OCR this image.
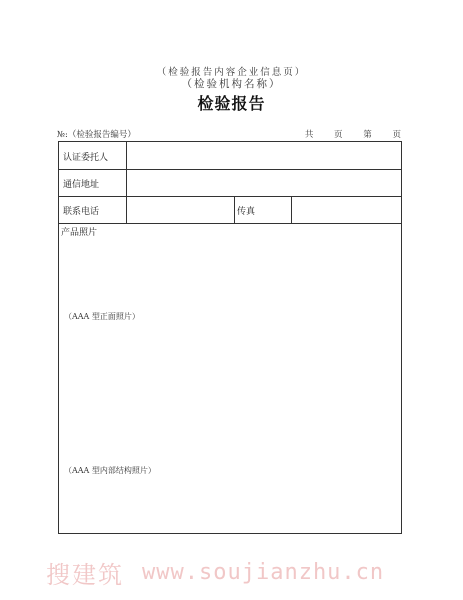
（检验报告内容企业信息页）
（检验机构名称）
检验报告
№:（检验报告编号）	共 页 第 页
认证委托人
通信地址
联系电话	传真
产品照片
（AAA 型正面照片）
（AAA 型内部结构照片）
搜建筑 www.soujianzhu.cn
